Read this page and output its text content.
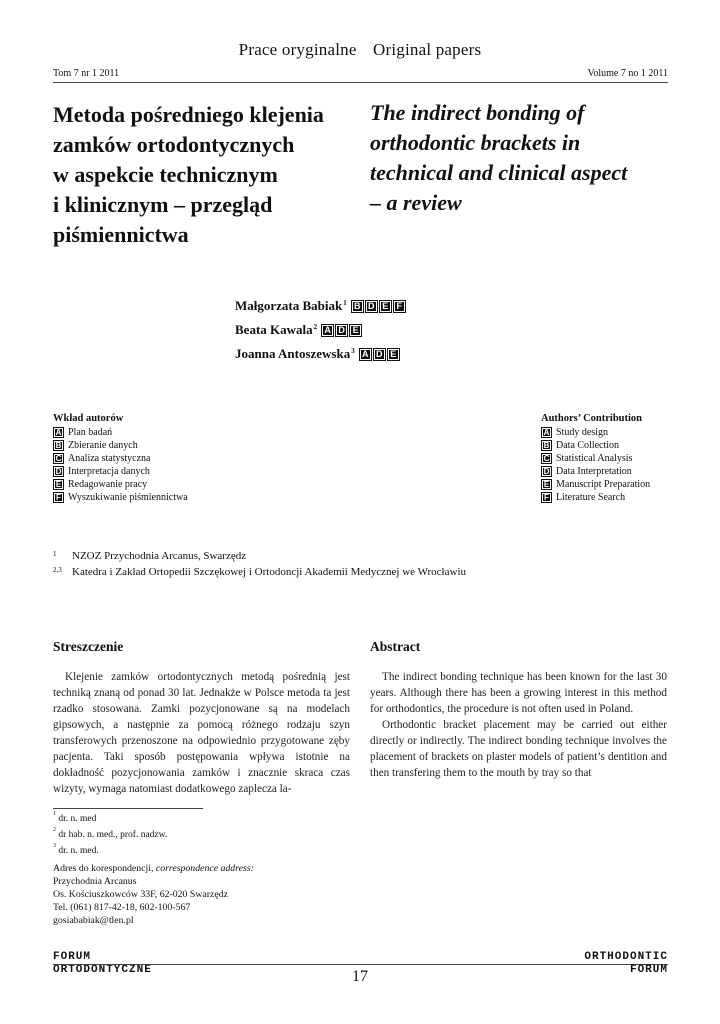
Prace oryginalne Original papers
Tom 7 nr 1 2011	Volume 7 no 1 2011
Metoda pośredniego klejenia
zamków ortodontycznych
w aspekcie technicznym
i klinicznym – przegląd
piśmiennictwa
The indirect bonding of
orthodontic brackets in
technical and clinical aspect
– a review
Małgorzata Babiak$^1$ B D E F
Beata Kawala$^2$ A D E
Joanna Antoszewska$^3$ A D E
Wkład autorów
A Plan badań
B Zbieranie danych
C Analiza statystyczna
D Interpretacja danych
E Redagowanie pracy
F Wyszukiwanie piśmiennictwa
Authors’ Contribution
A Study design
B Data Collection
C Statistical Analysis
D Data Interpretation
E Manuscript Preparation
F Literature Search
1	NZOZ Przychodnia Arcanus, Swarzędz
2,3 Katedra i Zakład Ortopedii Szczękowej i Ortodoncji Akademii Medycznej we Wrocławiu
Streszczenie	Abstract

Klejenie zamków ortodontycznych metodą pośrednią jest techniką znaną od ponad 30 lat. Jednakże w Polsce metoda ta jest rzadko stosowana. Zamki pozycjonowane są na modelach gipsowych, a następnie za pomocą różnego rodzaju szyn transferowych przenoszone na odpowiednio przygotowane zęby pacjenta. Taki sposób postępowania wpływa istotnie na dokładność pozycjonowania zamków i znacznie skraca czas wizyty, wymaga natomiast dodatkowego zaplecza la-

The indirect bonding technique has been known for the last 30 years. Although there has been a growing interest in this method for orthodontics, the procedure is not often used in Poland.

Orthodontic bracket placement may be carried out either directly or indirectly. The indirect bonding technique involves the placement of brackets on plaster models of patient’s dentition and then transfering them to the mouth by tray so that

$^1$ dr. n. med
$^2$ dr hab. n. med., prof. nadzw.
$^3$ dr. n. med.
Adres do korespondencji, correspondence address:
Przychodnia Arcanus
Os. Kościuszkowców 33F, 62-020 Swarzędz
Tel. (061) 817-42-18, 602-100-567
gosiababiak@tlen.pl
FORUM
ORTODONTYCZNE
ORTHODONTIC
FORUM
17
